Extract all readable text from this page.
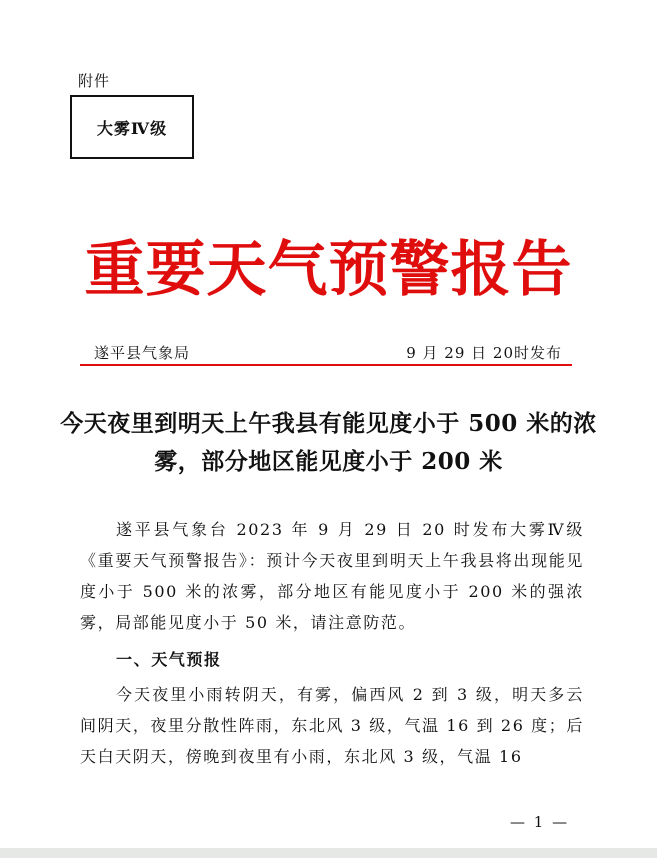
附件
大雾Ⅳ级
重要天气预警报告
遂平县气象局	9 月 29 日 20时发布
今天夜里到明天上午我县有能见度小于 500 米的浓雾，部分地区能见度小于 200 米
遂平县气象台 2023 年 9 月 29 日 20 时发布大雾Ⅳ级《重要天气预警报告》：预计今天夜里到明天上午我县将出现能见度小于 500 米的浓雾，部分地区有能见度小于 200 米的强浓雾，局部能见度小于 50 米，请注意防范。
一、天气预报
今天夜里小雨转阴天，有雾，偏西风 2 到 3 级，明天多云间阴天，夜里分散性阵雨，东北风 3 级，气温 16 到 26 度；后天白天阴天，傍晚到夜里有小雨，东北风 3 级，气温 16
— 1 —
